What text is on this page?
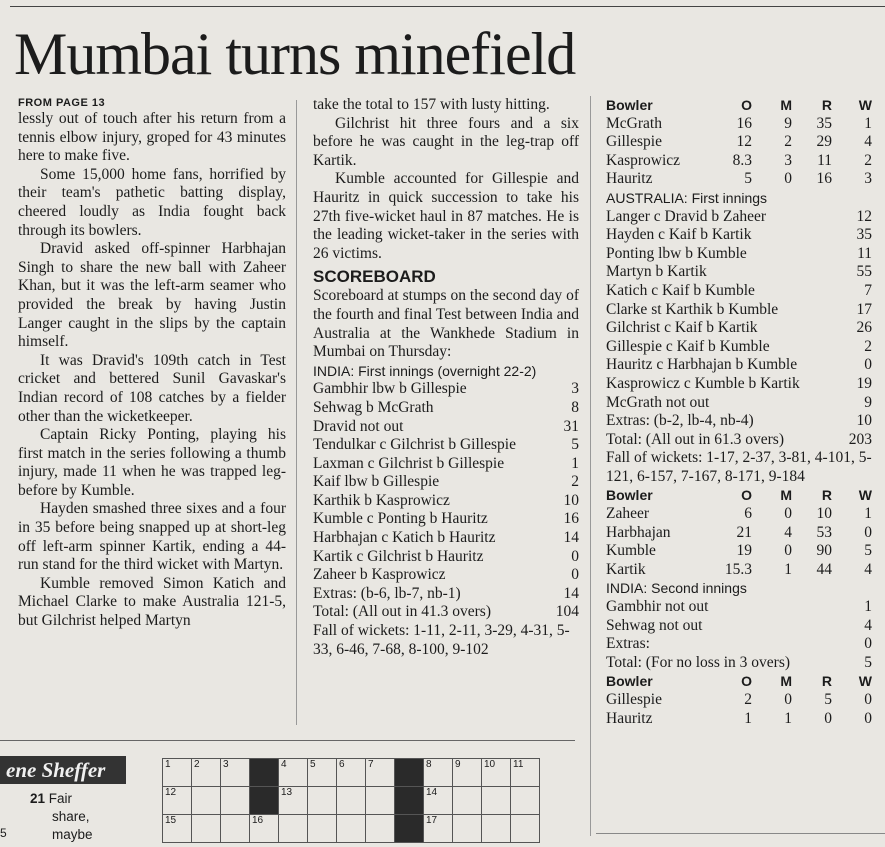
Mumbai turns minefield
FROM PAGE 13

lessly out of touch after his return from a tennis elbow injury, groped for 43 minutes here to make five.

Some 15,000 home fans, horrified by their team's pathetic batting display, cheered loudly as India fought back through its bowlers.

Dravid asked off-spinner Harbhajan Singh to share the new ball with Zaheer Khan, but it was the left-arm seamer who provided the break by having Justin Langer caught in the slips by the captain himself.

It was Dravid's 109th catch in Test cricket and bettered Sunil Gavaskar's Indian record of 108 catches by a fielder other than the wicketkeeper.

Captain Ricky Ponting, playing his first match in the series following a thumb injury, made 11 when he was trapped leg-before by Kumble.

Hayden smashed three sixes and a four in 35 before being snapped up at short-leg off left-arm spinner Kartik, ending a 44-run stand for the third wicket with Martyn.

Kumble removed Simon Katich and Michael Clarke to make Australia 121-5, but Gilchrist helped Martyn

take the total to 157 with lusty hitting.

Gilchrist hit three fours and a six before he was caught in the leg-trap off Kartik.

Kumble accounted for Gillespie and Hauritz in quick succession to take his 27th five-wicket haul in 87 matches. He is the leading wicket-taker in the series with 26 victims.

SCOREBOARD

Scoreboard at stumps on the second day of the fourth and final Test between India and Australia at the Wankhede Stadium in Mumbai on Thursday:

INDIA: First innings (overnight 22-2)
Gambhir lbw b Gillespie	3
Sehwag b McGrath	8
Dravid not out	31
Tendulkar c Gilchrist b Gillespie	5
Laxman c Gilchrist b Gillespie	1
Kaif lbw b Gillespie	2
Karthik b Kasprowicz	10
Kumble c Ponting b Hauritz	16
Harbhajan c Katich b Hauritz	14
Kartik c Gilchrist b Hauritz	0
Zaheer b Kasprowicz	0
Extras: (b-6, lb-7, nb-1)	14
Total: (All out in 41.3 overs)	104

Fall of wickets: 1-11, 2-11, 3-29, 4-31, 5-33, 6-46, 7-68, 8-100, 9-102

Bowler	O	M	R	W
McGrath	16	9	35	1
Gillespie	12	2	29	4
Kasprowicz	8.3	3	11	2
Hauritz	5	0	16	3
AUSTRALIA: First innings
Langer c Dravid b Zaheer	12
Hayden c Kaif b Kartik	35
Ponting lbw b Kumble	11
Martyn b Kartik	55
Katich c Kaif b Kumble	7
Clarke st Karthik b Kumble	17
Gilchrist c Kaif b Kartik	26
Gillespie c Kaif b Kumble	2
Hauritz c Harbhajan b Kumble	0
Kasprowicz c Kumble b Kartik	19
McGrath not out	9
Extras: (b-2, lb-4, nb-4)	10
Total: (All out in 61.3 overs)	203

Fall of wickets: 1-17, 2-37, 3-81, 4-101, 5-121, 6-157, 7-167, 8-171, 9-184

Bowler	O	M	R	W
Zaheer	6	0	10	1
Harbhajan	21	4	53	0
Kumble	19	0	90	5
Kartik	15.3	1	44	4
INDIA: Second innings
Gambhir not out	1
Sehwag not out	4
Extras:	0
Total: (For no loss in 3 overs)	5
Bowler	O	M	R	W
Gillespie	2	0	5	0
Hauritz	1	1	0	0
ene Sheffer
21 Fair
share,
maybe
5
1	2	3		4	5	6	7		8	9	10	11
12				13					14			
15			16						17			
